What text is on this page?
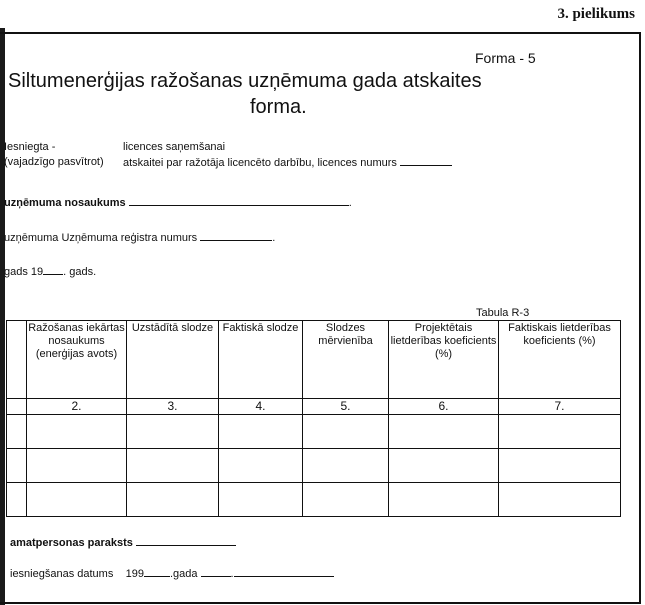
3. pielikums
Forma - 5
Siltumenerģijas ražošanas uzņēmuma gada atskaites
forma.
Iesniegta -
(vajadzīgo pasvītrot)
licences saņemšanai
atskaitei par ražotāja licencēto darbību, licences numurs
uzņēmuma nosaukums	.
uzņēmuma Uzņēmuma reģistra numurs	.
gads 19 . gads.
Tabula R-3
	Ražošanas iekārtas nosaukums (enerģijas avots)	Uzstādītā slodze	Faktiskā slodze	Slodzes mērvienība	Projektētais lietderības koeficients (%)	Faktiskais lietderības koeficients (%)
	2.	3.	4.	5.	6.	7.

amatpersonas paraksts
iesniegšanas datums 199 .gada	.
